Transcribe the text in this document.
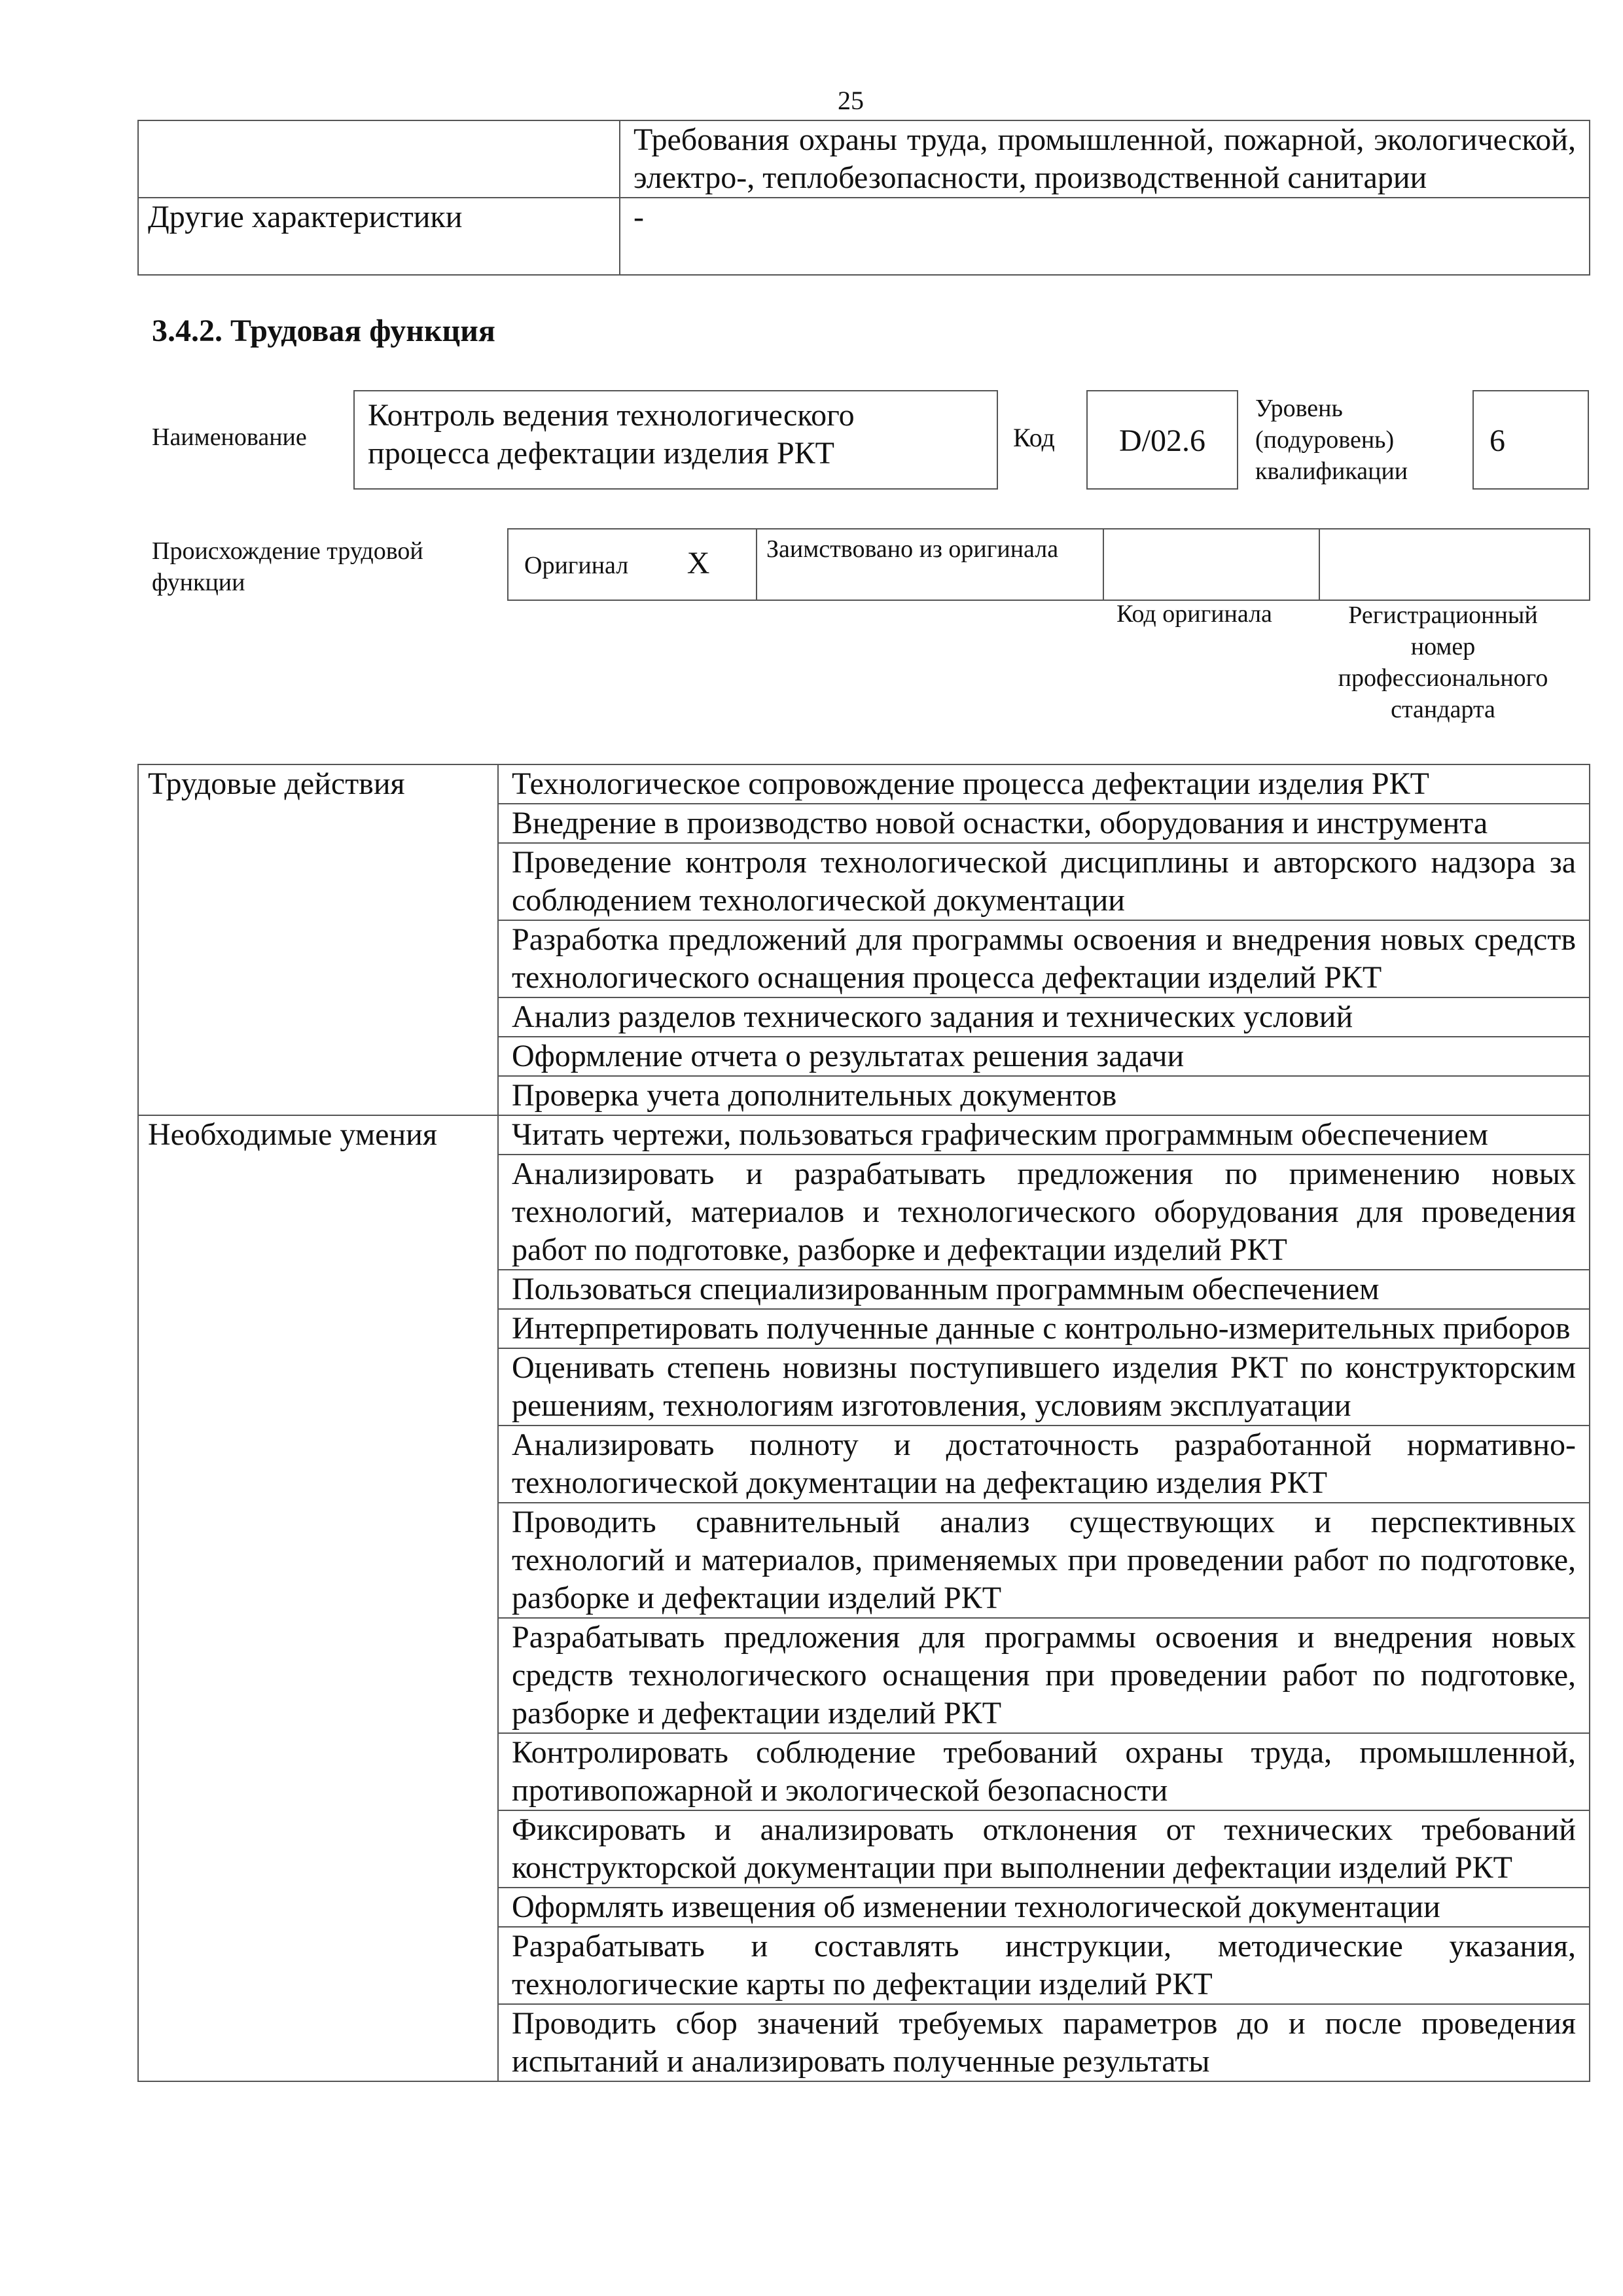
25
	Требования охраны труда, промышленной, пожарной, экологической, электро-, теплобезопасности, производственной санитарии
Другие характеристики	-
3.4.2. Трудовая функция
Наименование
Контроль ведения технологического процесса дефектации изделия РКТ	Код	D/02.6
Уровень (подуровень) квалификации
6
Происхождение трудовой функции
Оригинал X	Заимствовано из оригинала		
Код оригинала	Регистрационный номер профессионального стандарта
Трудовые действия	Технологическое сопровождение процесса дефектации изделия РКТ
	Внедрение в производство новой оснастки, оборудования и инструмента
	Проведение контроля технологической дисциплины и авторского надзора за соблюдением технологической документации
	Разработка предложений для программы освоения и внедрения новых средств технологического оснащения процесса дефектации изделий РКТ
	Анализ разделов технического задания и технических условий
	Оформление отчета о результатах решения задачи
	Проверка учета дополнительных документов
Необходимые умения	Читать чертежи, пользоваться графическим программным обеспечением
	Анализировать и разрабатывать предложения по применению новых технологий, материалов и технологического оборудования для проведения работ по подготовке, разборке и дефектации изделий РКТ
	Пользоваться специализированным программным обеспечением
	Интерпретировать полученные данные с контрольно-измерительных приборов
	Оценивать степень новизны поступившего изделия РКТ по конструкторским решениям, технологиям изготовления, условиям эксплуатации
	Анализировать полноту и достаточность разработанной нормативно-технологической документации на дефектацию изделия РКТ
	Проводить сравнительный анализ существующих и перспективных технологий и материалов, применяемых при проведении работ по подготовке, разборке и дефектации изделий РКТ
	Разрабатывать предложения для программы освоения и внедрения новых средств технологического оснащения при проведении работ по подготовке, разборке и дефектации изделий РКТ
	Контролировать соблюдение требований охраны труда, промышленной, противопожарной и экологической безопасности
	Фиксировать и анализировать отклонения от технических требований конструкторской документации при выполнении дефектации изделий РКТ
	Оформлять извещения об изменении технологической документации
	Разрабатывать и составлять инструкции, методические указания, технологические карты по дефектации изделий РКТ
	Проводить сбор значений требуемых параметров до и после проведения испытаний и анализировать полученные результаты
